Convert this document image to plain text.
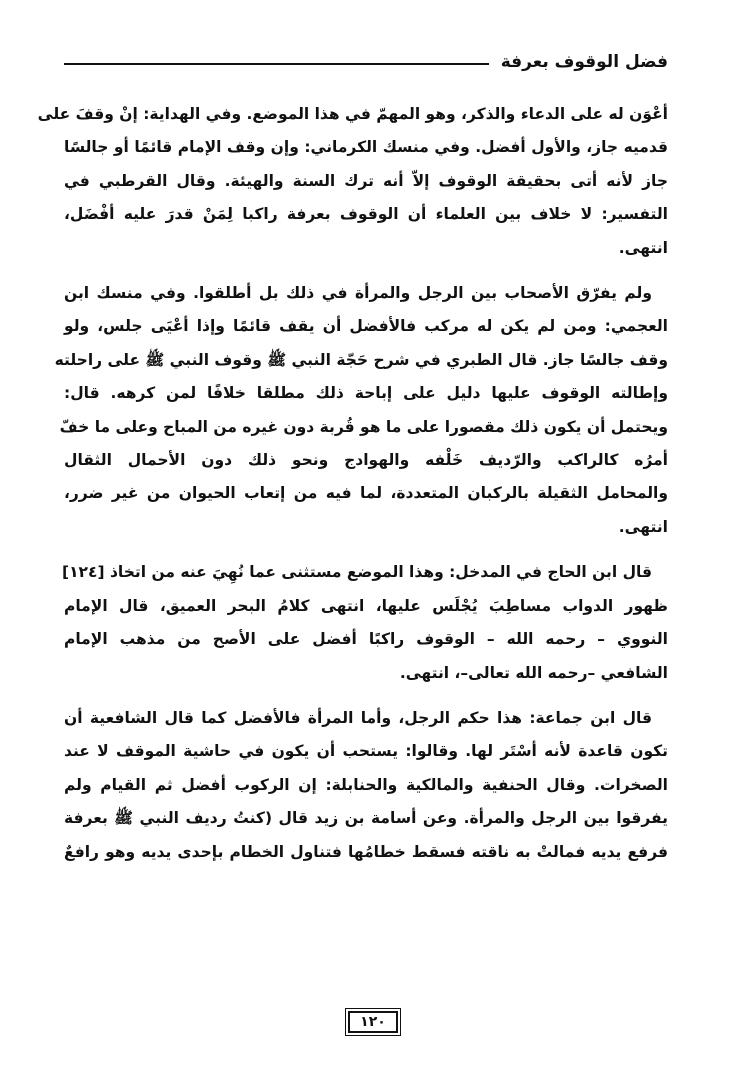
فضل الوقوف بعرفة

أعْوَن له على الدعاء والذكر، وهو المهمّ في هذا الموضع. وفي الهداية: إنْ وقفَ على
قدميه جاز، والأول أفضل. وفي منسك الكرماني: وإن وقف الإمام قائمًا أو جالسًا
جاز لأنه أتى بحقيقة الوقوف إلاّ أنه ترك السنة والهيئة. وقال القرطبي في
التفسير: لا خلاف بين العلماء أن الوقوف بعرفة راكبا لِمَنْ قدرَ عليه أفْضَل،
انتهى.

ولم يفرّق الأصحاب بين الرجل والمرأة في ذلك بل أطلقوا. وفي منسك ابن
العجمي: ومن لم يكن له مركب فالأفضل أن يقف قائمًا وإذا أعْيَى جلس، ولو
وقف جالسًا جاز. قال الطبري في شرح حَجّة النبي ﷺ وقوف النبي ﷺ على راحلته
وإطالته الوقوف عليها دليل على إباحة ذلك مطلقا خلافًا لمن كرهه. قال:
ويحتمل أن يكون ذلك مقصورا على ما هو قُربة دون غيره من المباح وعلى ما خفّ
أمرُه كالراكب والرّديف خَلْفه والهوادج ونحو ذلك دون الأحمال الثقال
والمحامل الثقيلة بالركبان المتعددة، لما فيه من إتعاب الحيوان من غير ضرر،
انتهى.

قال ابن الحاج في المدخل: وهذا الموضع مستثنى عما نُهِيَ عنه من اتخاذ [١٢٤]
ظهور الدواب مساطِبَ يُجْلَس عليها، انتهى كلامُ البحر العميق، قال الإمام
النووي – رحمه الله – الوقوف راكبًا أفضل على الأصح من مذهب الإمام
الشافعي –رحمه الله تعالى–، انتهى.

قال ابن جماعة: هذا حكم الرجل، وأما المرأة فالأفضل كما قال الشافعية أن
تكون قاعدة لأنه أسْتَر لها. وقالوا: يستحب أن يكون في حاشية الموقف لا عند
الصخرات. وقال الحنفية والمالكية والحنابلة: إن الركوب أفضل ثم القيام ولم
يفرقوا بين الرجل والمرأة. وعن أسامة بن زيد قال (كنتُ رديف النبي ﷺ بعرفة
فرفع يديه فمالتْ به ناقته فسقط خطامُها فتناول الخطام بإحدى يديه وهو رافعٌ

١٢٠
